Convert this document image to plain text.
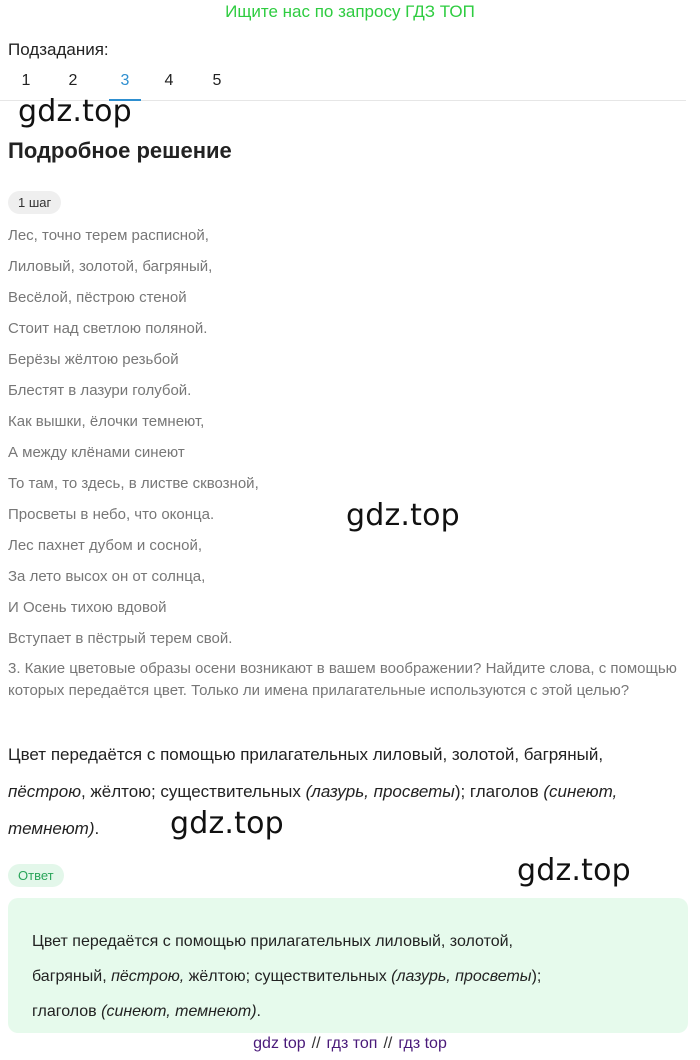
Ищите нас по запросу ГДЗ ТОП
Подзадания:
1	2	3	4	5
gdz.top
Подробное решение
1 шаг
Лес, точно терем расписной,
Лиловый, золотой, багряный,
Весёлой, пёстрою стеной
Стоит над светлою поляной.
Берёзы жёлтою резьбой
Блестят в лазури голубой.
Как вышки, ёлочки темнеют,
А между клёнами синеют
То там, то здесь, в листве сквозной,
Просветы в небо, что оконца.
Лес пахнет дубом и сосной,
За лето высох он от солнца,
И Осень тихою вдовой
Вступает в пёстрый терем свой.
gdz.top
3. Какие цветовые образы осени возникают в вашем воображении? Найдите слова, с помощью которых передаётся цвет. Только ли имена прилагательные используются с этой целью?
Цвет передаётся с помощью прилагательных лиловый, золотой, багряный,
пёстрою, жёлтою; существительных (лазурь, просветы); глаголов (синеют,
темнеют).	gdz.top
Ответ	gdz.top
Цвет передаётся с помощью прилагательных лиловый, золотой,
багряный, пёстрою, жёлтою; существительных (лазурь, просветы);
глаголов (синеют, темнеют).
gdz top // гдз топ // гдз top
